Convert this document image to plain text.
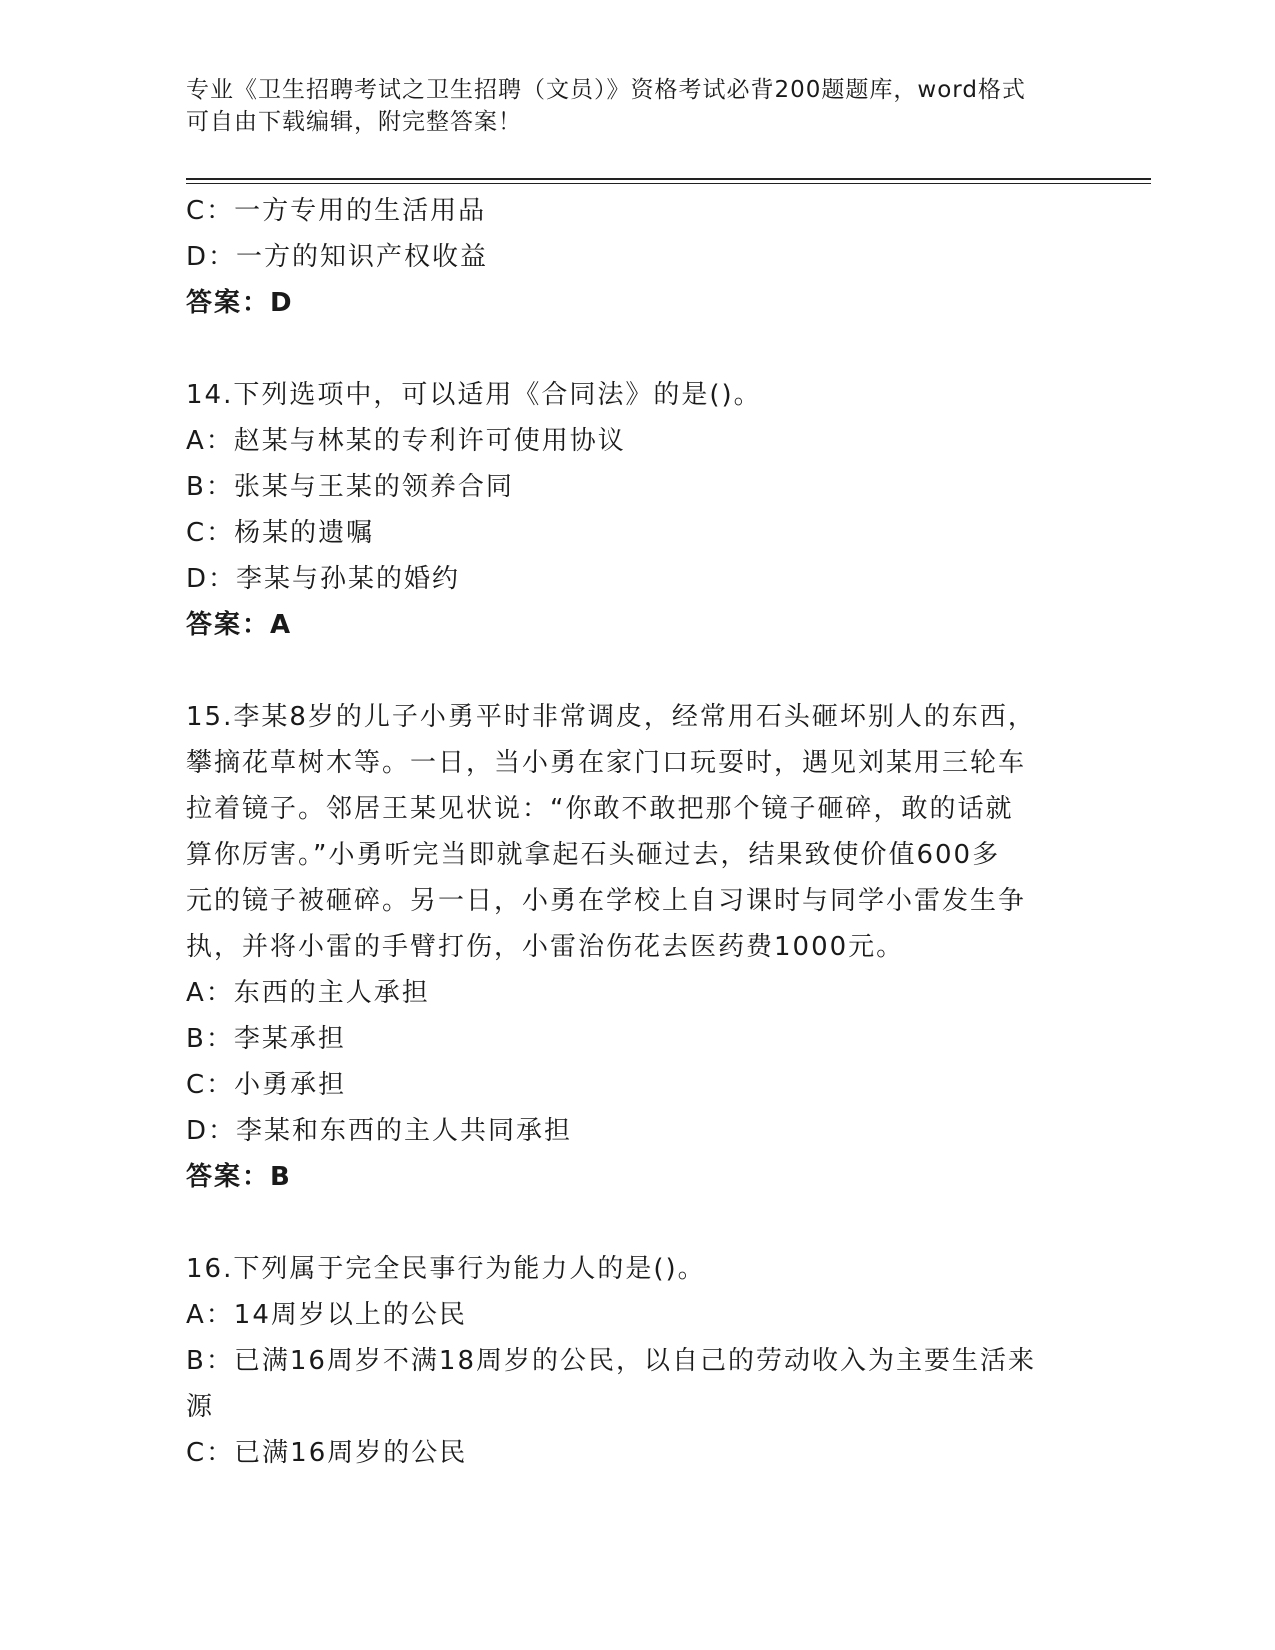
专业《卫生招聘考试之卫生招聘（文员）》资格考试必背200题题库，word格式
可自由下载编辑，附完整答案！
C：一方专用的生活用品
D：一方的知识产权收益
答案：D
14.下列选项中，可以适用《合同法》的是()。
A：赵某与林某的专利许可使用协议
B：张某与王某的领养合同
C：杨某的遗嘱
D：李某与孙某的婚约
答案：A
15.李某8岁的儿子小勇平时非常调皮，经常用石头砸坏别人的东西，
攀摘花草树木等。一日，当小勇在家门口玩耍时，遇见刘某用三轮车
拉着镜子。邻居王某见状说：“你敢不敢把那个镜子砸碎，敢的话就
算你厉害。”小勇听完当即就拿起石头砸过去，结果致使价值600多
元的镜子被砸碎。另一日，小勇在学校上自习课时与同学小雷发生争
执，并将小雷的手臂打伤，小雷治伤花去医药费1000元。
A：东西的主人承担
B：李某承担
C：小勇承担
D：李某和东西的主人共同承担
答案：B
16.下列属于完全民事行为能力人的是()。
A：14周岁以上的公民
B：已满16周岁不满18周岁的公民，以自己的劳动收入为主要生活来
源
C：已满16周岁的公民
